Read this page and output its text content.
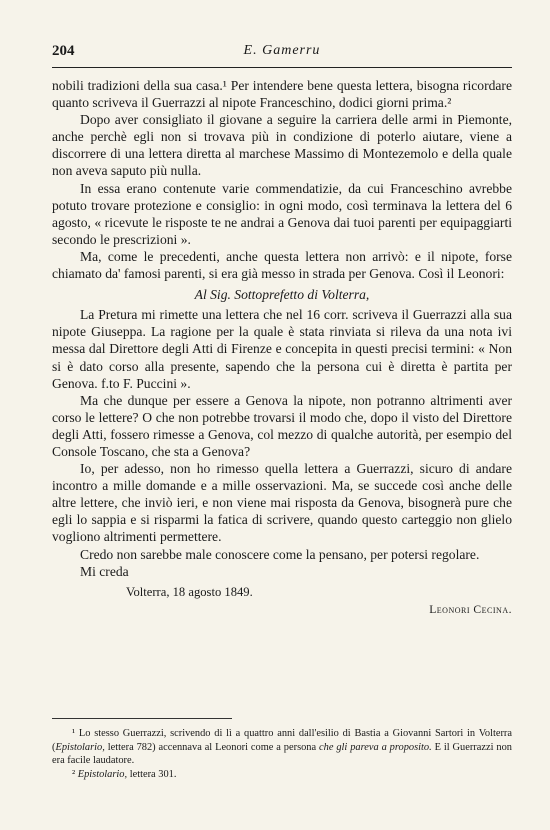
204	E. Gamerru

nobili tradizioni della sua casa.¹ Per intendere bene questa lettera, bisogna ricordare quanto scriveva il Guerrazzi al nipote Franceschino, dodici giorni prima.²

Dopo aver consigliato il giovane a seguire la carriera delle armi in Piemonte, anche perchè egli non si trovava più in condizione di poterlo aiutare, viene a discorrere di una lettera diretta al marchese Massimo di Montezemolo e della quale non aveva saputo più nulla.

In essa erano contenute varie commendatizie, da cui Franceschino avrebbe potuto trovare protezione e consiglio: in ogni modo, così terminava la lettera del 6 agosto, « ricevute le risposte te ne andrai a Genova dai tuoi parenti per equipaggiarti secondo le prescrizioni ».

Ma, come le precedenti, anche questa lettera non arrivò: e il nipote, forse chiamato da' famosi parenti, si era già messo in strada per Genova. Così il Leonori:

Al Sig. Sottoprefetto di Volterra,

La Pretura mi rimette una lettera che nel 16 corr. scriveva il Guerrazzi alla sua nipote Giuseppa. La ragione per la quale è stata rinviata si rileva da una nota ivi messa dal Direttore degli Atti di Firenze e concepita in questi precisi termini: « Non si è dato corso alla presente, sapendo che la persona cui è diretta è partita per Genova. f.to F. Puccini ».

Ma che dunque per essere a Genova la nipote, non potranno altrimenti aver corso le lettere? O che non potrebbe trovarsi il modo che, dopo il visto del Direttore degli Atti, fossero rimesse a Genova, col mezzo di qualche autorità, per esempio del Console Toscano, che sta a Genova?

Io, per adesso, non ho rimesso quella lettera a Guerrazzi, sicuro di andare incontro a mille domande e a mille osservazioni. Ma, se succede così anche delle altre lettere, che inviò ieri, e non viene mai risposta da Genova, bisognerà pure che egli lo sappia e si risparmi la fatica di scrivere, quando questo carteggio non glielo vogliono altrimenti permettere.

Credo non sarebbe male conoscere come la pensano, per potersi regolare.

Mi creda

Volterra, 18 agosto 1849.

Leonori Cecina.

¹ Lo stesso Guerrazzi, scrivendo di lì a quattro anni dall'esilio di Bastia a Giovanni Sartori in Volterra (Epistolario, lettera 782) accennava al Leonori come a persona che gli pareva a proposito. E il Guerrazzi non era facile laudatore.

² Epistolario, lettera 301.
